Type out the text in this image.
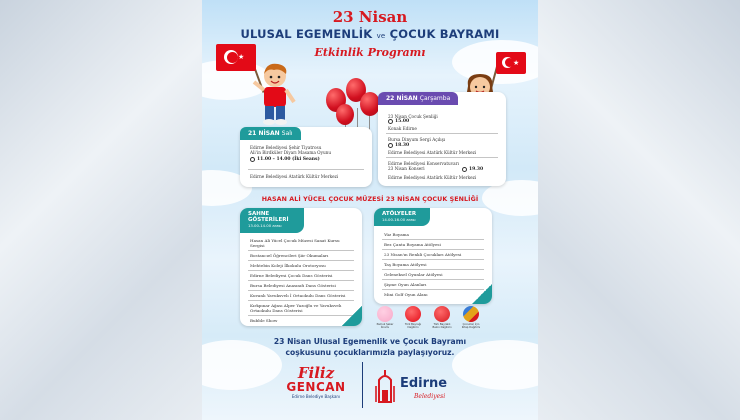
23 Nisan
ULUSAL EGEMENLİK ve ÇOCUK BAYRAMI
Etkinlik Programı
★
★
22 NİSAN Çarşamba
23 Nisan Çocuk Şenliği
15.00
Konak Edirne
Bursa Dinyum Sergi Açılışı
18.30
Edirne Belediyesi Atatürk Kültür Merkezi
Edirne Belediyesi Konservatuvarı 23 Nisan Konseri	19.30
Edirne Belediyesi Atatürk Kültür Merkezi
21 NİSAN Salı
Edirne Belediyesi Şehir Tiyatrosu
Ali'in Birdküler Diyarı Masama Oyunu
11.00 – 14.00 (İki Seans)
Edirne Belediyesi Atatürk Kültür Merkezi
HASAN ALİ YÜCEL ÇOCUK MÜZESİ 23 NİSAN ÇOCUK ŞENLİĞİ
SAHNE
GÖSTERİLERİ
13.00-14.00 arası
Hasan Ali Yücel Çocuk Müzesi Sanat Kursu Sergisi
Bostancıel Öğrencileri Şiir Okumaları
Mehtebin Koleji İlkokulu Orotoryosu
Edirne Belediyesi Çocuk Dans Gösterisi
Bursa Belediyesi Anasınıfı Dans Gösterisi
Kuvanlı Yavuksvelı İ Ortaokulu Dans Gösterisi
Kırkpınar Ağası Alper Yazoğlu ve Yavuksvelı Ortaokulu Dans Gösterisi
Bubble Show
ATÖLYELER
14.00-16.00 arası
Yüz Boyama
Bez Çanta Boyama Atölyesi
23 Nisan'ın Renkli Çocukları Atölyesi
Taş Boyama Atölyesi
Geleneksel Oyunlar Atölyesi
Şişme Oyun Alanları
Mini Golf Oyun Alanı
Pamuk Şeker İkramı
Türk Bayrağı Dağıtımı
Türk Bayraklı Balon Dağıtımı
Çocuklar İçin Kitap Dağıtımı
23 Nisan Ulusal Egemenlik ve Çocuk Bayramı
coşkusunu çocuklarımızla paylaşıyoruz.
Filiz
GENCAN
Edirne Belediye Başkanı
Edirne
Belediyesi
